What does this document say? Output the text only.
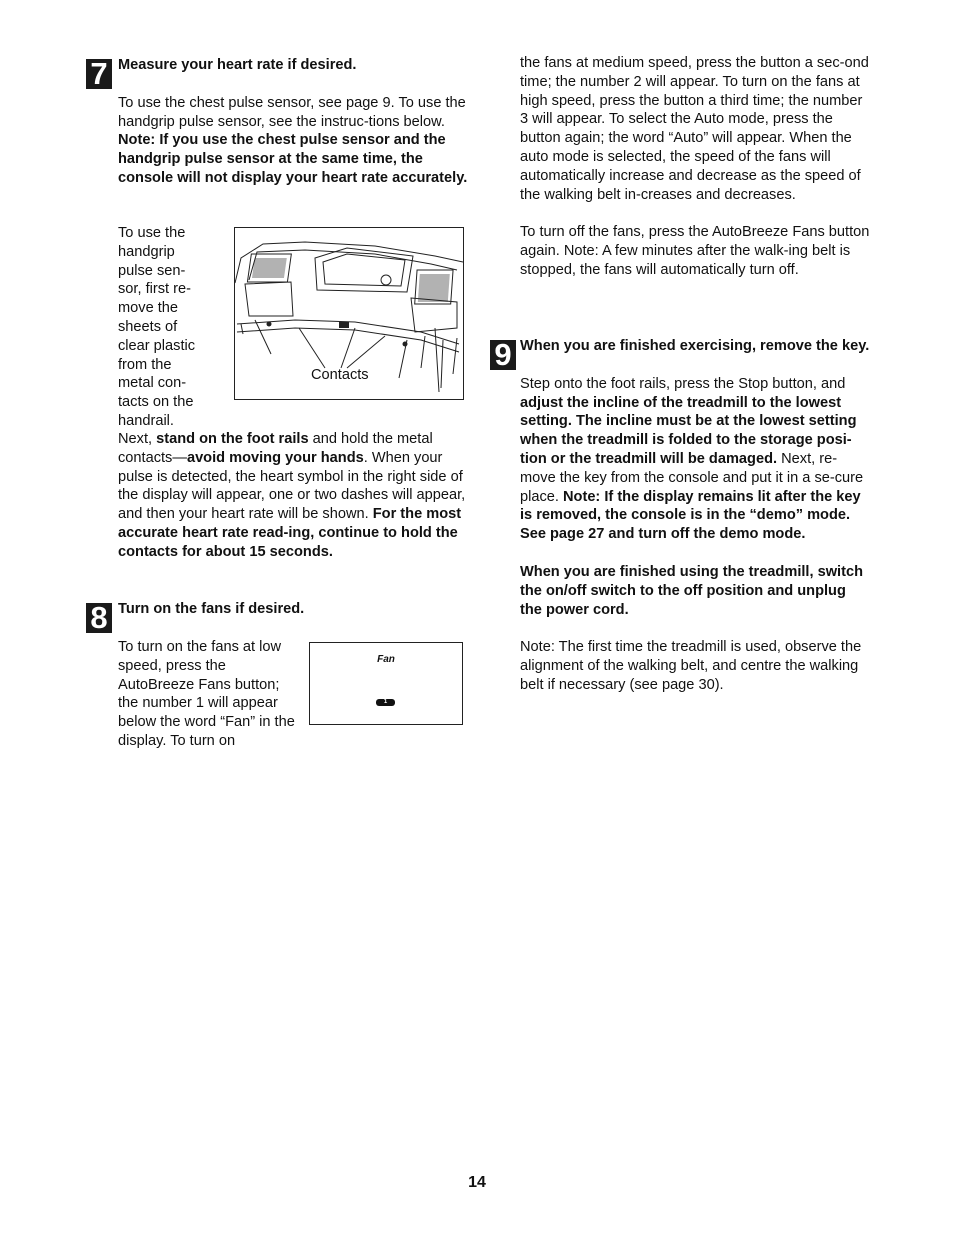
7 Measure your heart rate if desired.

To use the chest pulse sensor, see page 9. To use the handgrip pulse sensor, see the instruc-tions below. Note: If you use the chest pulse sensor and the handgrip pulse sensor at the same time, the console will not display your heart rate accurately.

To use the handgrip pulse sen-sor, first re-move the sheets of clear plastic from the metal con-tacts on the handrail.
Contacts

Next, stand on the foot rails and hold the metal contacts—avoid moving your hands. When your pulse is detected, the heart symbol in the right side of the display will appear, one or two dashes will appear, and then your heart rate will be shown. For the most accurate heart rate read-ing, continue to hold the contacts for about 15 seconds.

8 Turn on the fans if desired.

To turn on the fans at low speed, press the AutoBreeze Fans button; the number 1 will appear below the word “Fan” in the display. To turn on
Fan
1

the fans at medium speed, press the button a sec-ond time; the number 2 will appear. To turn on the fans at high speed, press the button a third time; the number 3 will appear. To select the Auto mode, press the button again; the word “Auto” will appear. When the auto mode is selected, the speed of the fans will automatically increase and decrease as the speed of the walking belt in-creases and decreases.

To turn off the fans, press the AutoBreeze Fans button again. Note: A few minutes after the walk-ing belt is stopped, the fans will automatically turn off.

9 When you are finished exercising, remove the key.

Step onto the foot rails, press the Stop button, and adjust the incline of the treadmill to the lowest setting. The incline must be at the lowest setting when the treadmill is folded to the storage posi-tion or the treadmill will be damaged. Next, re-move the key from the console and put it in a se-cure place. Note: If the display remains lit after the key is removed, the console is in the “demo” mode. See page 27 and turn off the demo mode.

When you are finished using the treadmill, switch the on/off switch to the off position and unplug the power cord.

Note: The first time the treadmill is used, observe the alignment of the walking belt, and centre the walking belt if necessary (see page 30).

14
